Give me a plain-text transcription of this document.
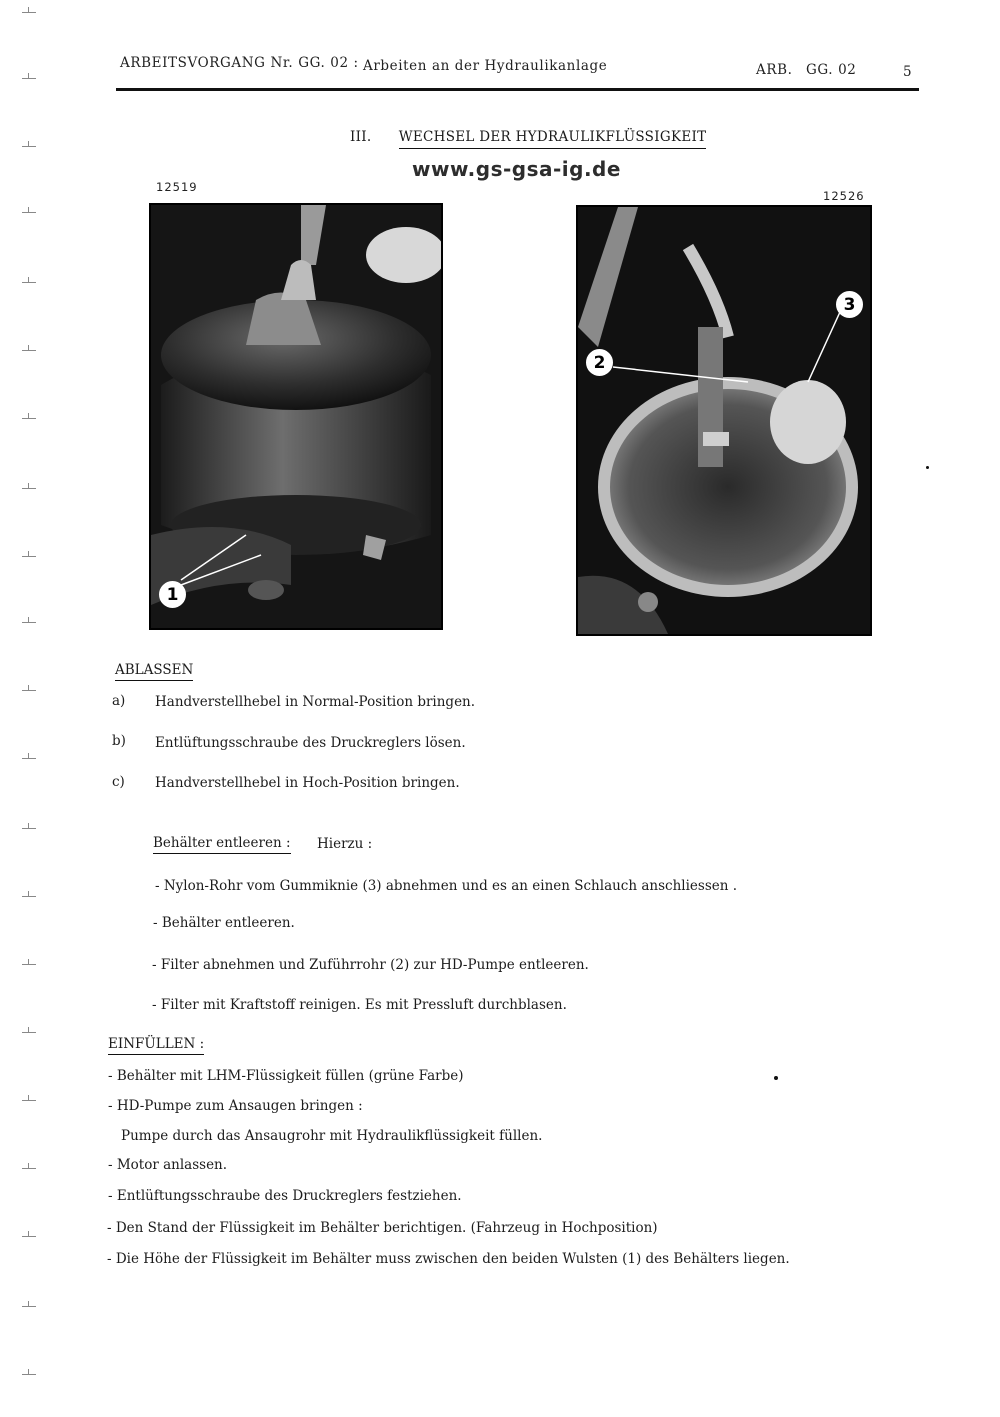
ARBEITSVORGANG Nr. GG. 02 : Arbeiten an der Hydraulikanlage	ARB. GG. 02	5
III. WECHSEL DER HYDRAULIKFLÜSSIGKEIT
www.gs-gsa-ig.de
12519
1
12526
2
3
ABLASSEN
a) Handverstellhebel in Normal-Position bringen.
b) Entlüftungsschraube des Druckreglers lösen.
c) Handverstellhebel in Hoch-Position bringen.
Behälter entleeren : Hierzu :
- Nylon-Rohr vom Gummiknie (3) abnehmen und es an einen Schlauch anschliessen .
- Behälter entleeren.
- Filter abnehmen und Zuführrohr (2) zur HD-Pumpe entleeren.
- Filter mit Kraftstoff reinigen. Es mit Pressluft durchblasen.
EINFÜLLEN :
- Behälter mit LHM-Flüssigkeit füllen (grüne Farbe)
- HD-Pumpe zum Ansaugen bringen :
Pumpe durch das Ansaugrohr mit Hydraulikflüssigkeit füllen.
- Motor anlassen.
- Entlüftungsschraube des Druckreglers festziehen.
- Den Stand der Flüssigkeit im Behälter berichtigen. (Fahrzeug in Hochposition)
- Die Höhe der Flüssigkeit im Behälter muss zwischen den beiden Wulsten (1) des Behälters liegen.
